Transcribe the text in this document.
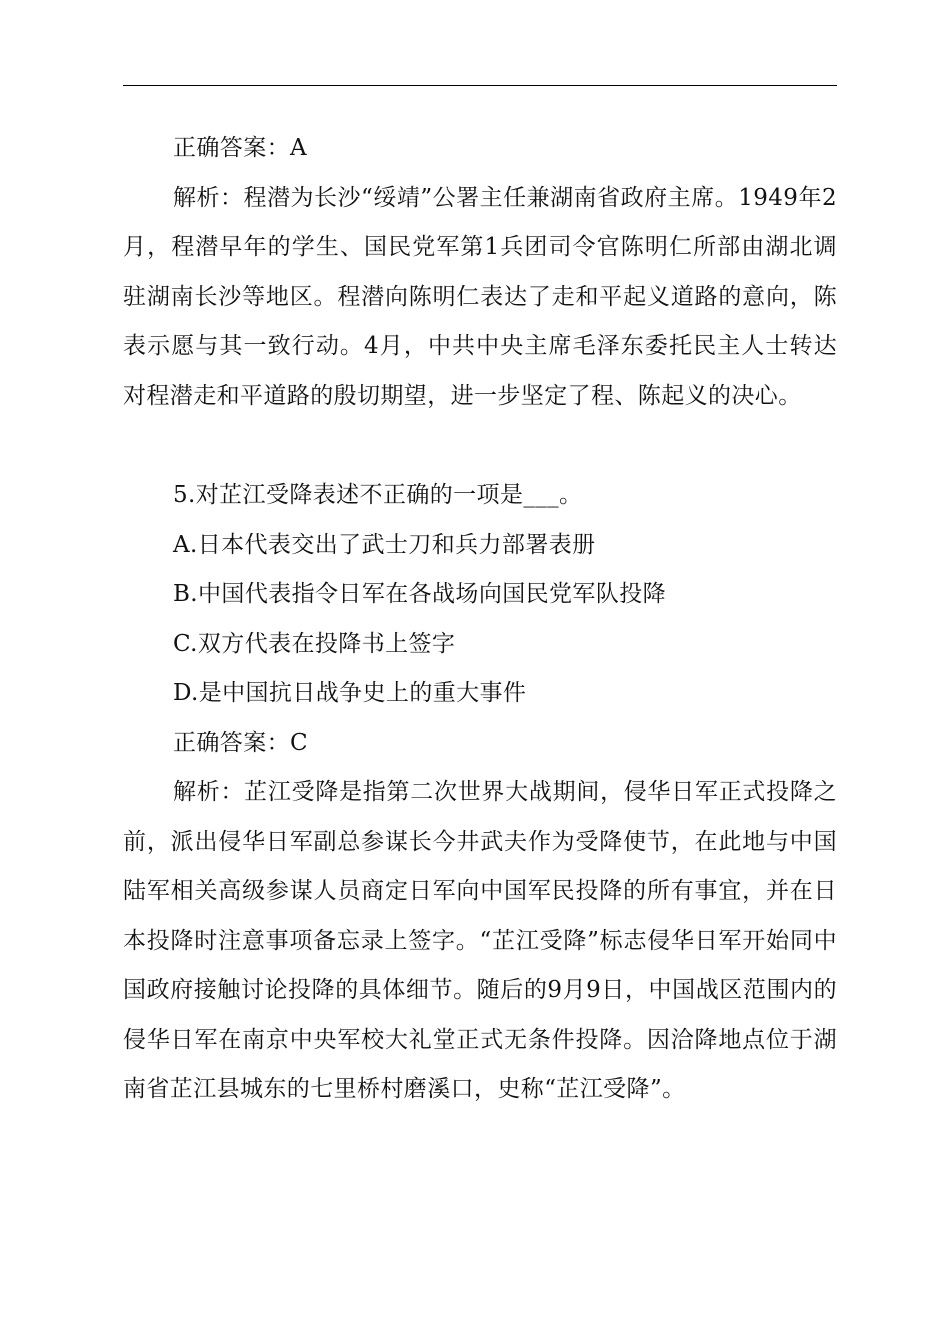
正确答案：A

解析：程潜为长沙“绥靖”公署主任兼湖南省政府主席。1949年2月，程潜早年的学生、国民党军第1兵团司令官陈明仁所部由湖北调驻湖南长沙等地区。程潜向陈明仁表达了走和平起义道路的意向，陈表示愿与其一致行动。4月，中共中央主席毛泽东委托民主人士转达对程潜走和平道路的殷切期望，进一步坚定了程、陈起义的决心。

5.对芷江受降表述不正确的一项是___。

A.日本代表交出了武士刀和兵力部署表册

B.中国代表指令日军在各战场向国民党军队投降

C.双方代表在投降书上签字

D.是中国抗日战争史上的重大事件

正确答案：C

解析：芷江受降是指第二次世界大战期间，侵华日军正式投降之前，派出侵华日军副总参谋长今井武夫作为受降使节，在此地与中国陆军相关高级参谋人员商定日军向中国军民投降的所有事宜，并在日本投降时注意事项备忘录上签字。“芷江受降”标志侵华日军开始同中国政府接触讨论投降的具体细节。随后的9月9日，中国战区范围内的侵华日军在南京中央军校大礼堂正式无条件投降。因洽降地点位于湖南省芷江县城东的七里桥村磨溪口，史称“芷江受降”。
